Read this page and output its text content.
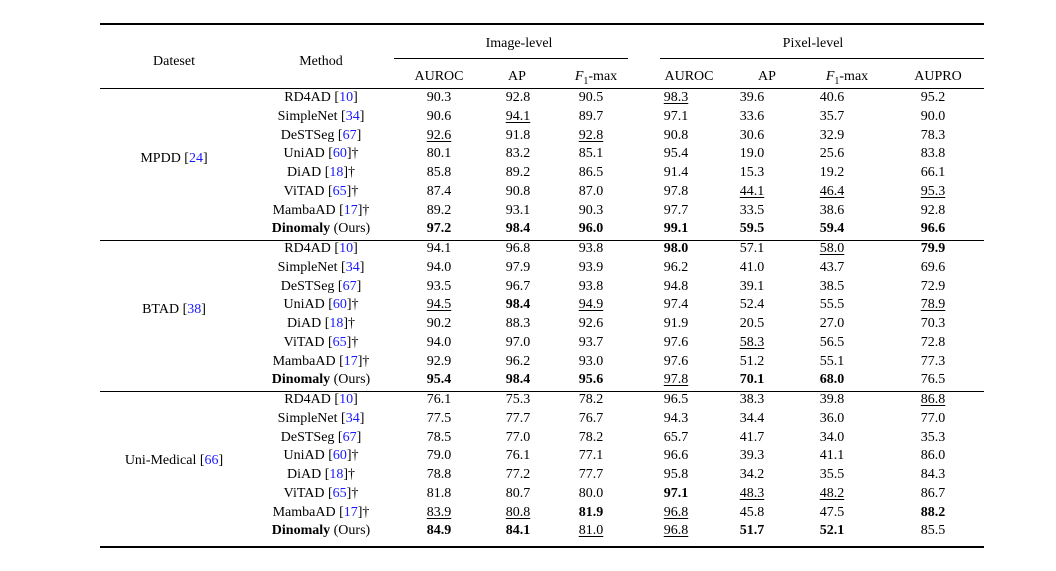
Dateset	Method
Image-level	Pixel-level
AUROC	AP	$F_1-\max$	AUROC	AP	$F_1-\max$	AUPRO
MPDD [24]
	RD4AD [10]	90.3	92.8	90.5	98.3	39.6	40.6	95.2
	SimpleNet [34]	90.6	94.1	89.7	97.1	33.6	35.7	90.0
	DeSTSeg [67]	92.6	91.8	92.8	90.8	30.6	32.9	78.3
	UniAD [60]†	80.1	83.2	85.1	95.4	19.0	25.6	83.8
	DiAD [18]†	85.8	89.2	86.5	91.4	15.3	19.2	66.1
	ViTAD [65]†	87.4	90.8	87.0	97.8	44.1	46.4	95.3
	MambaAD [17]†	89.2	93.1	90.3	97.7	33.5	38.6	92.8
	Dinomaly (Ours)	97.2	98.4	96.0	99.1	59.5	59.4	96.6
BTAD [38]
	RD4AD [10]	94.1	96.8	93.8	98.0	57.1	58.0	79.9
	SimpleNet [34]	94.0	97.9	93.9	96.2	41.0	43.7	69.6
	DeSTSeg [67]	93.5	96.7	93.8	94.8	39.1	38.5	72.9
	UniAD [60]†	94.5	98.4	94.9	97.4	52.4	55.5	78.9
	DiAD [18]†	90.2	88.3	92.6	91.9	20.5	27.0	70.3
	ViTAD [65]†	94.0	97.0	93.7	97.6	58.3	56.5	72.8
	MambaAD [17]†	92.9	96.2	93.0	97.6	51.2	55.1	77.3
	Dinomaly (Ours)	95.4	98.4	95.6	97.8	70.1	68.0	76.5
Uni-Medical [66]
	RD4AD [10]	76.1	75.3	78.2	96.5	38.3	39.8	86.8
	SimpleNet [34]	77.5	77.7	76.7	94.3	34.4	36.0	77.0
	DeSTSeg [67]	78.5	77.0	78.2	65.7	41.7	34.0	35.3
	UniAD [60]†	79.0	76.1	77.1	96.6	39.3	41.1	86.0
	DiAD [18]†	78.8	77.2	77.7	95.8	34.2	35.5	84.3
	ViTAD [65]†	81.8	80.7	80.0	97.1	48.3	48.2	86.7
	MambaAD [17]†	83.9	80.8	81.9	96.8	45.8	47.5	88.2
	Dinomaly (Ours)	84.9	84.1	81.0	96.8	51.7	52.1	85.5
